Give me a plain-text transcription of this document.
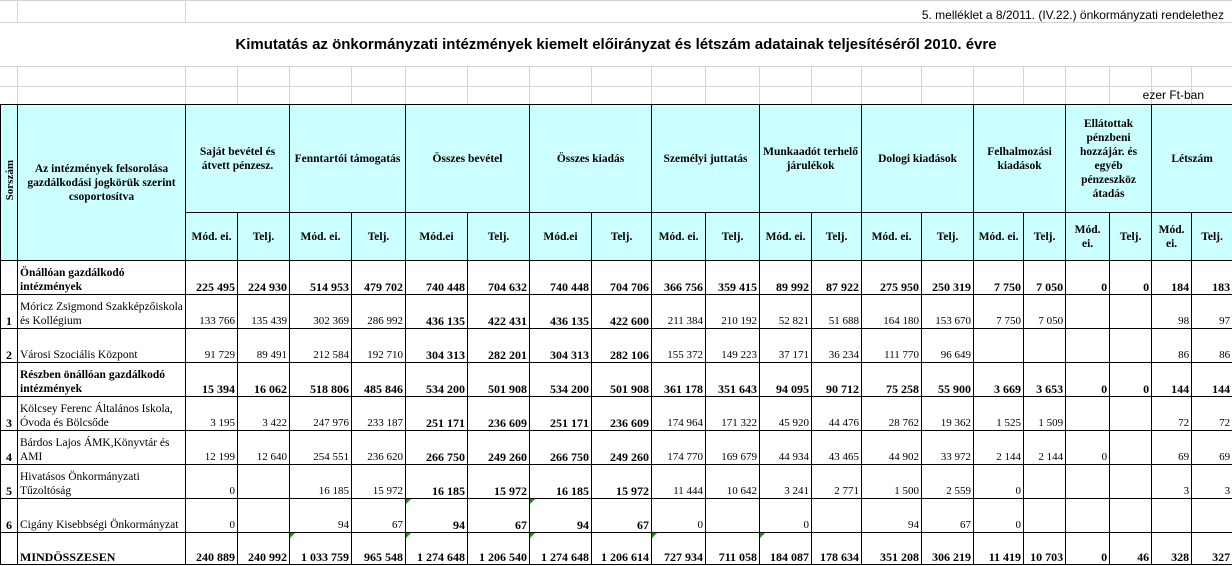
5. melléklet a 8/2011. (IV.22.) önkormányzati rendelethez
Kimutatás az önkormányzati intézmények kiemelt előirányzat és létszám adatainak teljesítéséről 2010. évre
ezer Ft-ban
Sorszám	Az intézmények felsorolása gazdálkodási jogkörük szerint csoportosítva	Saját bevétel és átvett pénzesz.		Fenntartói támogatás		Összes bevétel		Összes kiadás		Személyi juttatás		Munkaadót terhelő járulékok		Dologi kiadások		Felhalmozási kiadások		Ellátottak pénzbeni hozzájár. és egyéb pénzeszköz átadás		Létszám	
		Mód. ei.	Telj.	Mód. ei.	Telj.	Mód.ei	Telj.	Mód.ei	Telj.	Mód. ei.	Telj.	Mód. ei.	Telj.	Mód. ei.	Telj.	Mód. ei.	Telj.	Mód. ei.	Telj.	Mód. ei.	Telj.
	Önállóan gazdálkodó intézmények	225 495	224 930	514 953	479 702	740 448	704 632	740 448	704 706	366 756	359 415	89 992	87 922	275 950	250 319	7 750	7 050	0	0	184	183
1	Móricz Zsigmond Szakképzőiskola és Kollégium	133 766	135 439	302 369	286 992	436 135	422 431	436 135	422 600	211 384	210 192	52 821	51 688	164 180	153 670	7 750	7 050			98	97
2	Városi Szociális Központ	91 729	89 491	212 584	192 710	304 313	282 201	304 313	282 106	155 372	149 223	37 171	36 234	111 770	96 649					86	86
	Részben önállóan gazdálkodó intézmények	15 394	16 062	518 806	485 846	534 200	501 908	534 200	501 908	361 178	351 643	94 095	90 712	75 258	55 900	3 669	3 653	0	0	144	144
3	Kölcsey Ferenc Általános Iskola, Óvoda és Bölcsőde	3 195	3 422	247 976	233 187	251 171	236 609	251 171	236 609	174 964	171 322	45 920	44 476	28 762	19 362	1 525	1 509			72	72
4	Bárdos Lajos ÁMK,Könyvtár és AMI	12 199	12 640	254 551	236 620	266 750	249 260	266 750	249 260	174 770	169 679	44 934	43 465	44 902	33 972	2 144	2 144	0		69	69
5	Hivatásos Önkormányzati Tűzoltóság	0		16 185	15 972	16 185	15 972	16 185	15 972	11 444	10 642	3 241	2 771	1 500	2 559	0				3	3
6	Cigány Kisebbségi Önkormányzat	0		94	67	94	67	94	67	0		0		94	67	0					
	MINDÖSSZESEN	240 889	240 992	1 033 759	965 548	1 274 648	1 206 540	1 274 648	1 206 614	727 934	711 058	184 087	178 634	351 208	306 219	11 419	10 703	0	46	328	327
